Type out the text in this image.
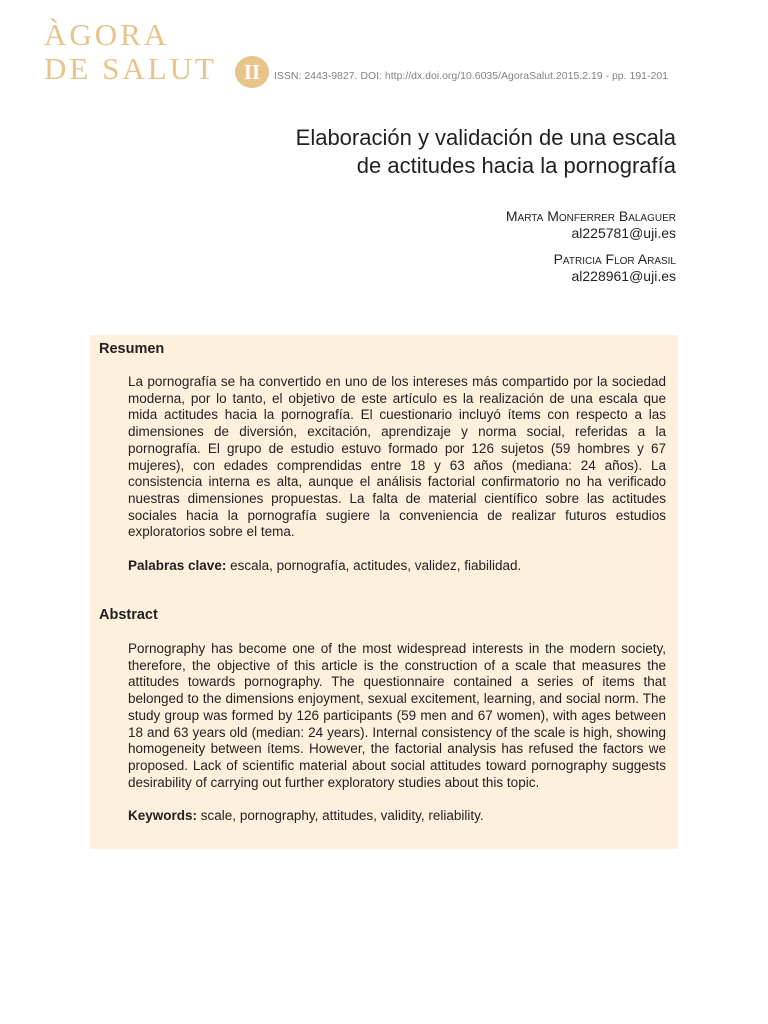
ÀGORA
DE SALUT	II	ISSN: 2443-9827. DOI: http://dx.doi.org/10.6035/AgoraSalut.2015.2.19 - pp. 191-201
Elaboración y validación de una escala
de actitudes hacia la pornografía
Marta Monferrer Balaguer
al225781@uji.es
Patricia Flor Arasil
al228961@uji.es
Resumen
La pornografía se ha convertido en uno de los intereses más compartido por la sociedad moderna, por lo tanto, el objetivo de este artículo es la realización de una escala que mida actitudes hacia la pornografía. El cuestionario incluyó ítems con respecto a las dimensiones de diversión, excitación, aprendizaje y norma social, referidas a la pornografía. El grupo de estudio estuvo formado por 126 sujetos (59 hombres y 67 mujeres), con edades comprendidas entre 18 y 63 años (mediana: 24 años). La consistencia interna es alta, aunque el análisis factorial confirmatorio no ha verificado nuestras dimensiones propuestas. La falta de material científico sobre las actitudes sociales hacia la pornografía sugiere la conveniencia de realizar futuros estudios exploratorios sobre el tema.
Palabras clave: escala, pornografía, actitudes, validez, fiabilidad.
Abstract
Pornography has become one of the most widespread interests in the modern society, therefore, the objective of this article is the construction of a scale that measures the attitudes towards pornography. The questionnaire contained a series of items that belonged to the dimensions enjoyment, sexual excitement, learning, and social norm. The study group was formed by 126 participants (59 men and 67 women), with ages between 18 and 63 years old (median: 24 years). Internal consistency of the scale is high, showing homogeneity between ítems. However, the factorial analysis has refused the factors we proposed. Lack of scientific material about social attitudes toward pornography suggests desirability of carrying out further exploratory studies about this topic.
Keywords: scale, pornography, attitudes, validity, reliability.
